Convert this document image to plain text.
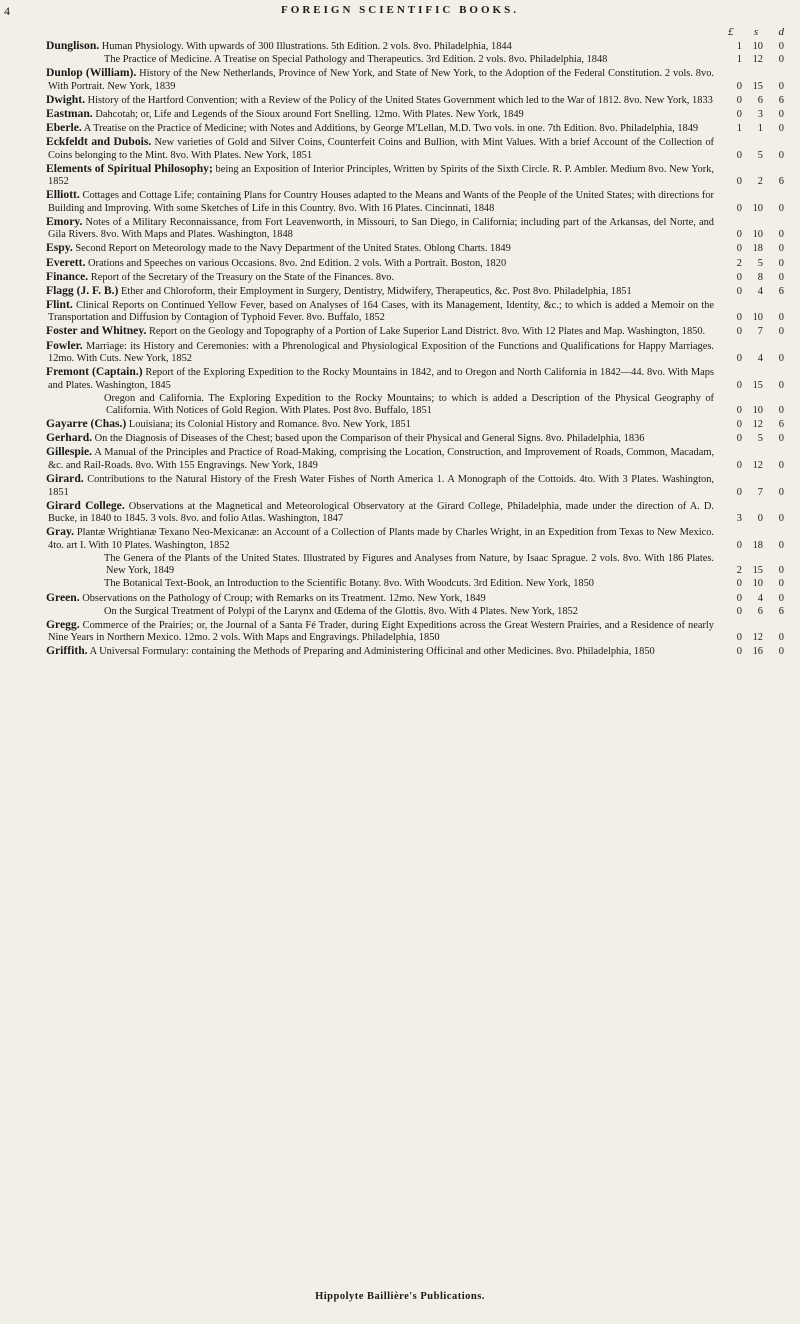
4	FOREIGN SCIENTIFIC BOOKS.
£ s d
Dunglison. Human Physiology. With upwards of 300 Illustrations. 5th Edition. 2 vols. 8vo. Philadelphia, 1844	1	10	0
The Practice of Medicine. A Treatise on Special Pathology and Therapeutics. 3rd Edition. 2 vols. 8vo. Philadelphia, 1848	1	12	0
Dunlop (William). History of the New Netherlands, Province of New York, and State of New York, to the Adoption of the Federal Constitution. 2 vols. 8vo. With Portrait. New York, 1839	0	15	0
Dwight. History of the Hartford Convention; with a Review of the Policy of the United States Government which led to the War of 1812. 8vo. New York, 1833	0	6	6
Eastman. Dahcotah; or, Life and Legends of the Sioux around Fort Snelling. 12mo. With Plates. New York, 1849	0	3	0
Eberle. A Treatise on the Practice of Medicine; with Notes and Additions, by George M'Lellan, M.D. Two vols. in one. 7th Edition. 8vo. Philadelphia, 1849	1	1	0
Eckfeldt and Dubois. New varieties of Gold and Silver Coins, Counterfeit Coins and Bullion, with Mint Values. With a brief Account of the Collection of Coins belonging to the Mint. 8vo. With Plates. New York, 1851	0	5	0
Elements of Spiritual Philosophy; being an Exposition of Interior Principles, Written by Spirits of the Sixth Circle. R. P. Ambler. Medium 8vo. New York, 1852	0	2	6
Elliott. Cottages and Cottage Life; containing Plans for Country Houses adapted to the Means and Wants of the People of the United States; with directions for Building and Improving. With some Sketches of Life in this Country. 8vo. With 16 Plates. Cincinnati, 1848	0	10	0
Emory. Notes of a Military Reconnaissance, from Fort Leavenworth, in Missouri, to San Diego, in California; including part of the Arkansas, del Norte, and Gila Rivers. 8vo. With Maps and Plates. Washington, 1848	0	10	0
Espy. Second Report on Meteorology made to the Navy Department of the United States. Oblong Charts. 1849	0	18	0
Everett. Orations and Speeches on various Occasions. 8vo. 2nd Edition. 2 vols. With a Portrait. Boston, 1820	2	5	0
Finance. Report of the Secretary of the Treasury on the State of the Finances. 8vo.	0	8	0
Flagg (J. F. B.) Ether and Chloroform, their Employment in Surgery, Dentistry, Midwifery, Therapeutics, &c. Post 8vo. Philadelphia, 1851	0	4	6
Flint. Clinical Reports on Continued Yellow Fever, based on Analyses of 164 Cases, with its Management, Identity, &c.; to which is added a Memoir on the Transportation and Diffusion by Contagion of Typhoid Fever. 8vo. Buffalo, 1852	0	10	0
Foster and Whitney. Report on the Geology and Topography of a Portion of Lake Superior Land District. 8vo. With 12 Plates and Map. Washington, 1850.	0	7	0
Fowler. Marriage: its History and Ceremonies: with a Phrenological and Physiological Exposition of the Functions and Qualifications for Happy Marriages. 12mo. With Cuts. New York, 1852	0	4	0
Fremont (Captain.) Report of the Exploring Expedition to the Rocky Mountains in 1842, and to Oregon and North California in 1842—44. 8vo. With Maps and Plates. Washington, 1845	0	15	0
Oregon and California. The Exploring Expedition to the Rocky Mountains; to which is added a Description of the Physical Geography of California. With Notices of Gold Region. With Plates. Post 8vo. Buffalo, 1851	0	10	0
Gayarre (Chas.) Louisiana; its Colonial History and Romance. 8vo. New York, 1851	0	12	6
Gerhard. On the Diagnosis of Diseases of the Chest; based upon the Comparison of their Physical and General Signs. 8vo. Philadelphia, 1836	0	5	0
Gillespie. A Manual of the Principles and Practice of Road-Making, comprising the Location, Construction, and Improvement of Roads, Common, Macadam, &c. and Rail-Roads. 8vo. With 155 Engravings. New York, 1849	0	12	0
Girard. Contributions to the Natural History of the Fresh Water Fishes of North America 1. A Monograph of the Cottoids. 4to. With 3 Plates. Washington, 1851	0	7	0
Girard College. Observations at the Magnetical and Meteorological Observatory at the Girard College, Philadelphia, made under the direction of A. D. Bucke, in 1840 to 1845. 3 vols. 8vo. and folio Atlas. Washington, 1847	3	0	0
Gray. Plantæ Wrightianæ Texano Neo-Mexicanæ: an Account of a Collection of Plants made by Charles Wright, in an Expedition from Texas to New Mexico. 4to. art I. With 10 Plates. Washington, 1852	0	18	0
The Genera of the Plants of the United States. Illustrated by Figures and Analyses from Nature, by Isaac Sprague. 2 vols. 8vo. With 186 Plates. New York, 1849	2	15	0
The Botanical Text-Book, an Introduction to the Scientific Botany. 8vo. With Woodcuts. 3rd Edition. New York, 1850	0	10	0
Green. Observations on the Pathology of Croup; with Remarks on its Treatment. 12mo. New York, 1849	0	4	0
On the Surgical Treatment of Polypi of the Larynx and Œdema of the Glottis. 8vo. With 4 Plates. New York, 1852	0	6	6
Gregg. Commerce of the Prairies; or, the Journal of a Santa Fé Trader, during Eight Expeditions across the Great Western Prairies, and a Residence of nearly Nine Years in Northern Mexico. 12mo. 2 vols. With Maps and Engravings. Philadelphia, 1850	0	12	0
Griffith. A Universal Formulary: containing the Methods of Preparing and Administering Officinal and other Medicines. 8vo. Philadelphia, 1850	0	16	0
Hippolyte Baillière's Publications.
